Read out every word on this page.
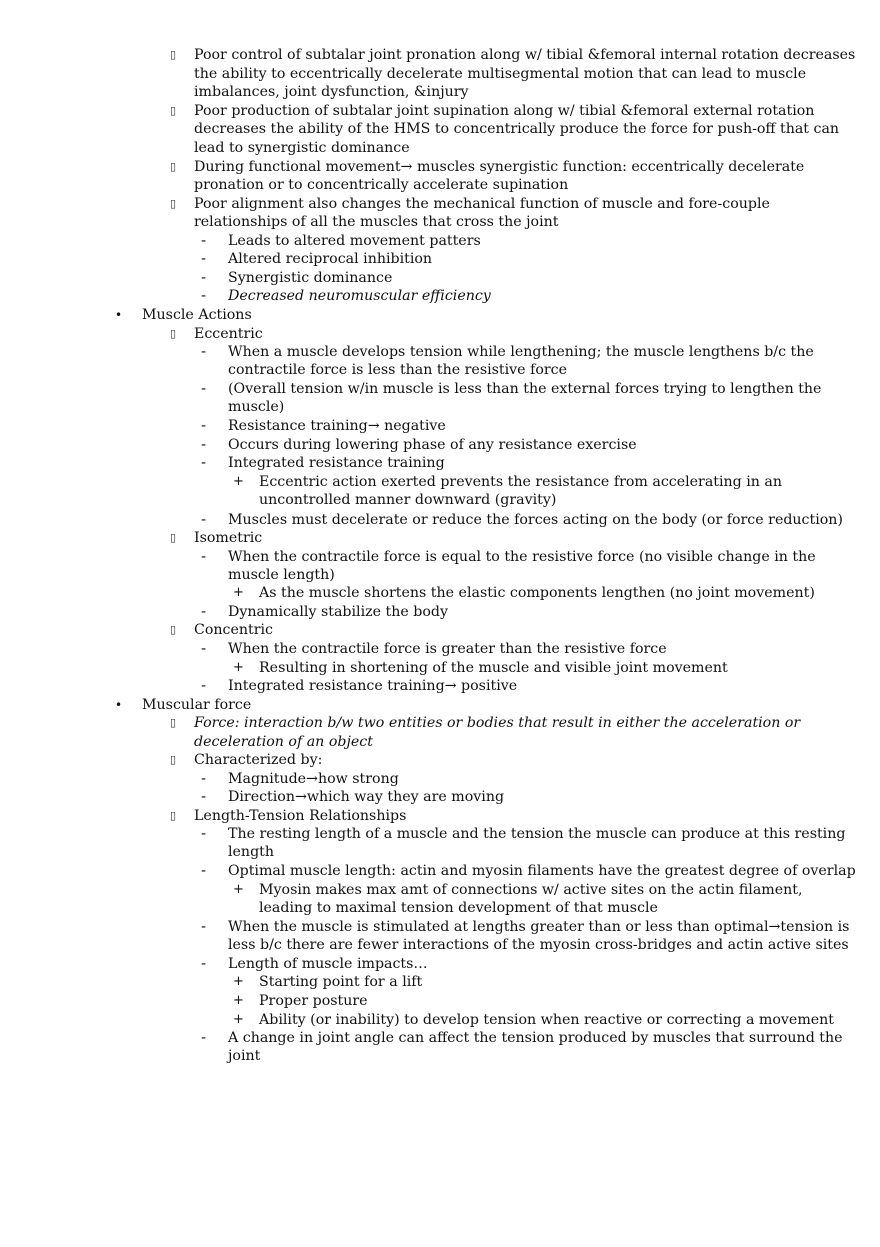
▯
▯
▯
▯
Poor control of subtalar joint pronation along w/ tibial &femoral internal rotation decreases
the ability to eccentrically decelerate multisegmental motion that can lead to muscle
imbalances, joint dysfunction, &injury
Poor production of subtalar joint supination along w/ tibial &femoral external rotation
decreases the ability of the HMS to concentrically produce the force for push-off that can
lead to synergistic dominance
During functional movement→ muscles synergistic function: eccentrically decelerate
pronation or to concentrically accelerate supination
Poor alignment also changes the mechanical function of muscle and fore-couple
relationships of all the muscles that cross the joint
- Leads to altered movement patters
- Altered reciprocal inhibition
- Synergistic dominance
- Decreased neuromuscular efficiency
• Muscle Actions
▯ Eccentric
- When a muscle develops tension while lengthening; the muscle lengthens b/c the
contractile force is less than the resistive force
- (Overall tension w/in muscle is less than the external forces trying to lengthen the
muscle)
- Resistance training→ negative
- Occurs during lowering phase of any resistance exercise
- Integrated resistance training
+ Eccentric action exerted prevents the resistance from accelerating in an
uncontrolled manner downward (gravity)
- Muscles must decelerate or reduce the forces acting on the body (or force reduction)
▯ Isometric
- When the contractile force is equal to the resistive force (no visible change in the
muscle length)
+ As the muscle shortens the elastic components lengthen (no joint movement)
- Dynamically stabilize the body
▯ Concentric
- When the contractile force is greater than the resistive force
+ Resulting in shortening of the muscle and visible joint movement
- Integrated resistance training→ positive
• Muscular force
▯ Force: interaction b/w two entities or bodies that result in either the acceleration or
deceleration of an object
▯ Characterized by:
- Magnitude→how strong
- Direction→which way they are moving
▯ Length-Tension Relationships
- The resting length of a muscle and the tension the muscle can produce at this resting
length
- Optimal muscle length: actin and myosin filaments have the greatest degree of overlap
+ Myosin makes max amt of connections w/ active sites on the actin filament,
leading to maximal tension development of that muscle
- When the muscle is stimulated at lengths greater than or less than optimal→tension is
less b/c there are fewer interactions of the myosin cross-bridges and actin active sites
- Length of muscle impacts…
+ Starting point for a lift
+ Proper posture
+ Ability (or inability) to develop tension when reactive or correcting a movement
- A change in joint angle can affect the tension produced by muscles that surround the
joint
